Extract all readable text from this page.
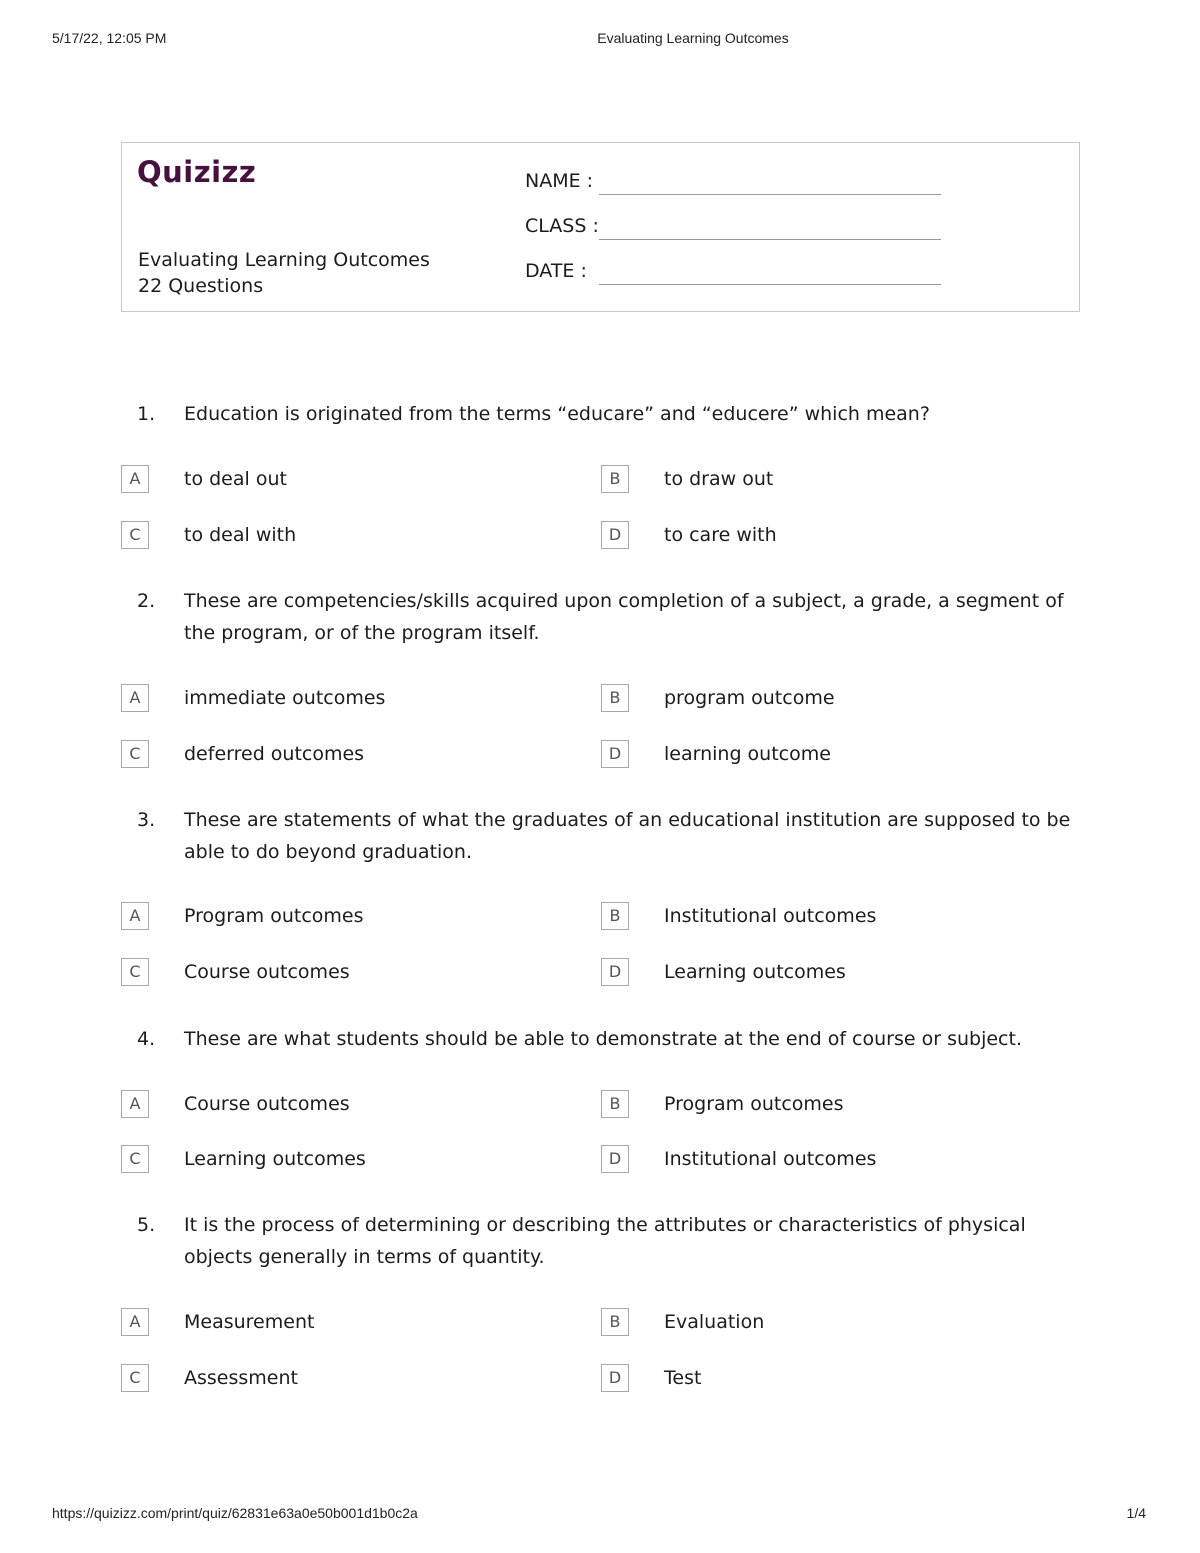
5/17/22, 12:05 PM	Evaluating Learning Outcomes
Quizizz
Evaluating Learning Outcomes
22 Questions
NAME :
CLASS :
DATE :
1. Education is originated from the terms “educare” and “educere” which mean?
A	to deal out	B	to draw out
C	to deal with	D	to care with
2. These are competencies/skills acquired upon completion of a subject, a grade, a segment of the program, or of the program itself.
A	immediate outcomes	B	program outcome
C	deferred outcomes	D	learning outcome
3. These are statements of what the graduates of an educational institution are supposed to be able to do beyond graduation.
A	Program outcomes	B	Institutional outcomes
C	Course outcomes	D	Learning outcomes
4. These are what students should be able to demonstrate at the end of course or subject.
A	Course outcomes	B	Program outcomes
C	Learning outcomes	D	Institutional outcomes
5. It is the process of determining or describing the attributes or characteristics of physical objects generally in terms of quantity.
A	Measurement	B	Evaluation
C	Assessment	D	Test
https://quizizz.com/print/quiz/62831e63a0e50b001d1b0c2a	1/4
